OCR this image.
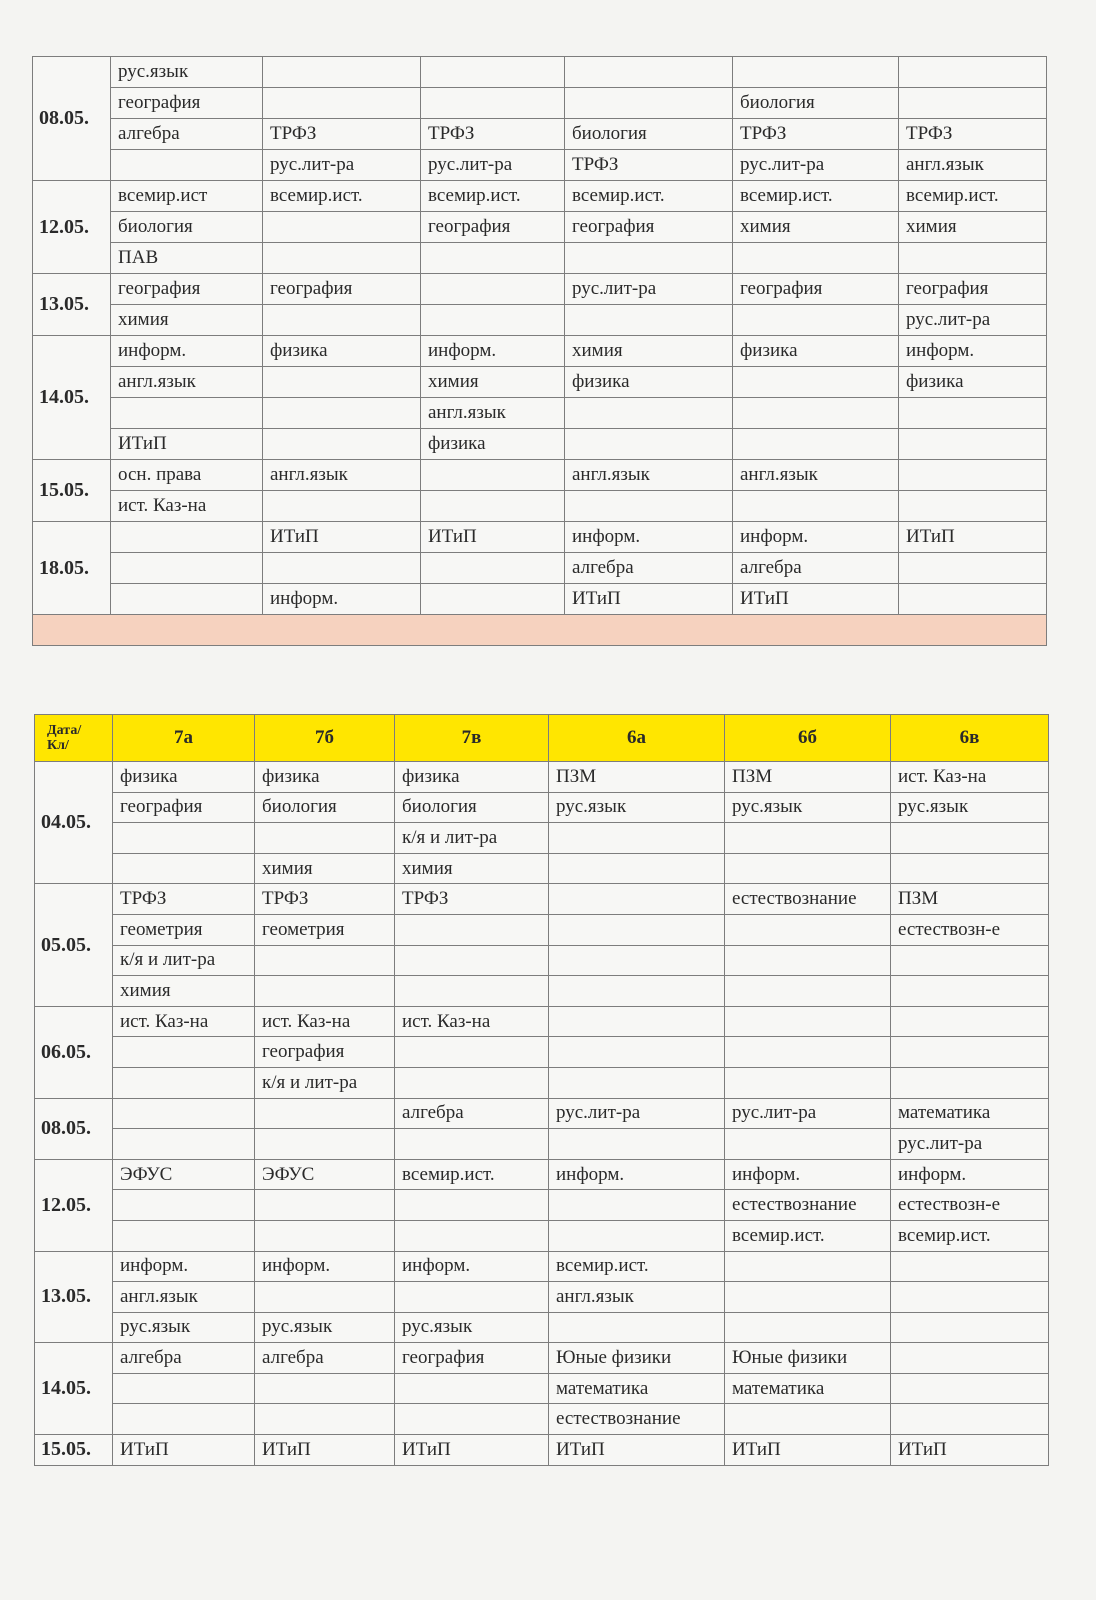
08.05.	рус.язык					
	география				биология	
	алгебра	ТРФЗ	ТРФЗ	биология	ТРФЗ	ТРФЗ
		рус.лит-ра	рус.лит-ра	ТРФЗ	рус.лит-ра	англ.язык
12.05.	всемир.ист	всемир.ист.	всемир.ист.	всемир.ист.	всемир.ист.	всемир.ист.
	биология		география	география	химия	химия
	ПАВ					
13.05.	география	география		рус.лит-ра	география	география
	химия					рус.лит-ра
14.05.	информ.	физика	информ.	химия	физика	информ.
	англ.язык		химия	физика		физика
			англ.язык			
	ИТиП		физика			
15.05.	осн. права	англ.язык		англ.язык	англ.язык	
	ист. Каз-на					
18.05.		ИТиП	ИТиП	информ.	информ.	ИТиП
				алгебра	алгебра	
		информ.		ИТиП	ИТиП	

Дата/
Кл/	7а	7б	7в	6а	6б	6в
04.05.	физика	физика	физика	ПЗМ	ПЗМ	ист. Каз-на
	география	биология	биология	рус.язык	рус.язык	рус.язык
			к/я и лит-ра			
		химия	химия			
05.05.	ТРФЗ	ТРФЗ	ТРФЗ		естествознание	ПЗМ
	геометрия	геометрия				естествозн-е
	к/я и лит-ра					
	химия					
06.05.	ист. Каз-на	ист. Каз-на	ист. Каз-на			
		география				
		к/я и лит-ра				
08.05.			алгебра	рус.лит-ра	рус.лит-ра	математика
						рус.лит-ра
12.05.	ЭФУС	ЭФУС	всемир.ист.	информ.	информ.	информ.
					естествознание	естествозн-е
					всемир.ист.	всемир.ист.
13.05.	информ.	информ.	информ.	всемир.ист.		
	англ.язык			англ.язык		
	рус.язык	рус.язык	рус.язык			
14.05.	алгебра	алгебра	география	Юные физики	Юные физики	
				математика	математика	
				естествознание		
15.05.	ИТиП	ИТиП	ИТиП	ИТиП	ИТиП	ИТиП
